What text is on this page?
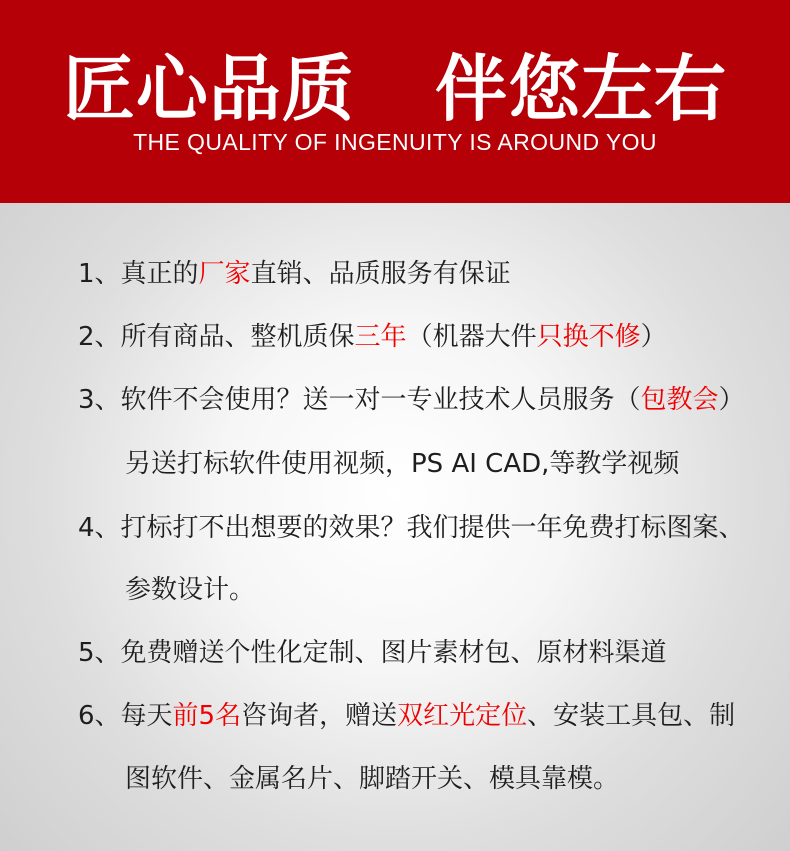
匠心品质 伴您左右
THE QUALITY OF INGENUITY IS AROUND YOU
1、真正的厂家直销、品质服务有保证
2、所有商品、整机质保三年（机器大件只换不修）
3、软件不会使用？送一对一专业技术人员服务（包教会）
另送打标软件使用视频，PS AI CAD,等教学视频
4、打标打不出想要的效果？我们提供一年免费打标图案、
参数设计。
5、免费赠送个性化定制、图片素材包、原材料渠道
6、每天前5名咨询者，赠送双红光定位、安装工具包、制
图软件、金属名片、脚踏开关、模具靠模。
